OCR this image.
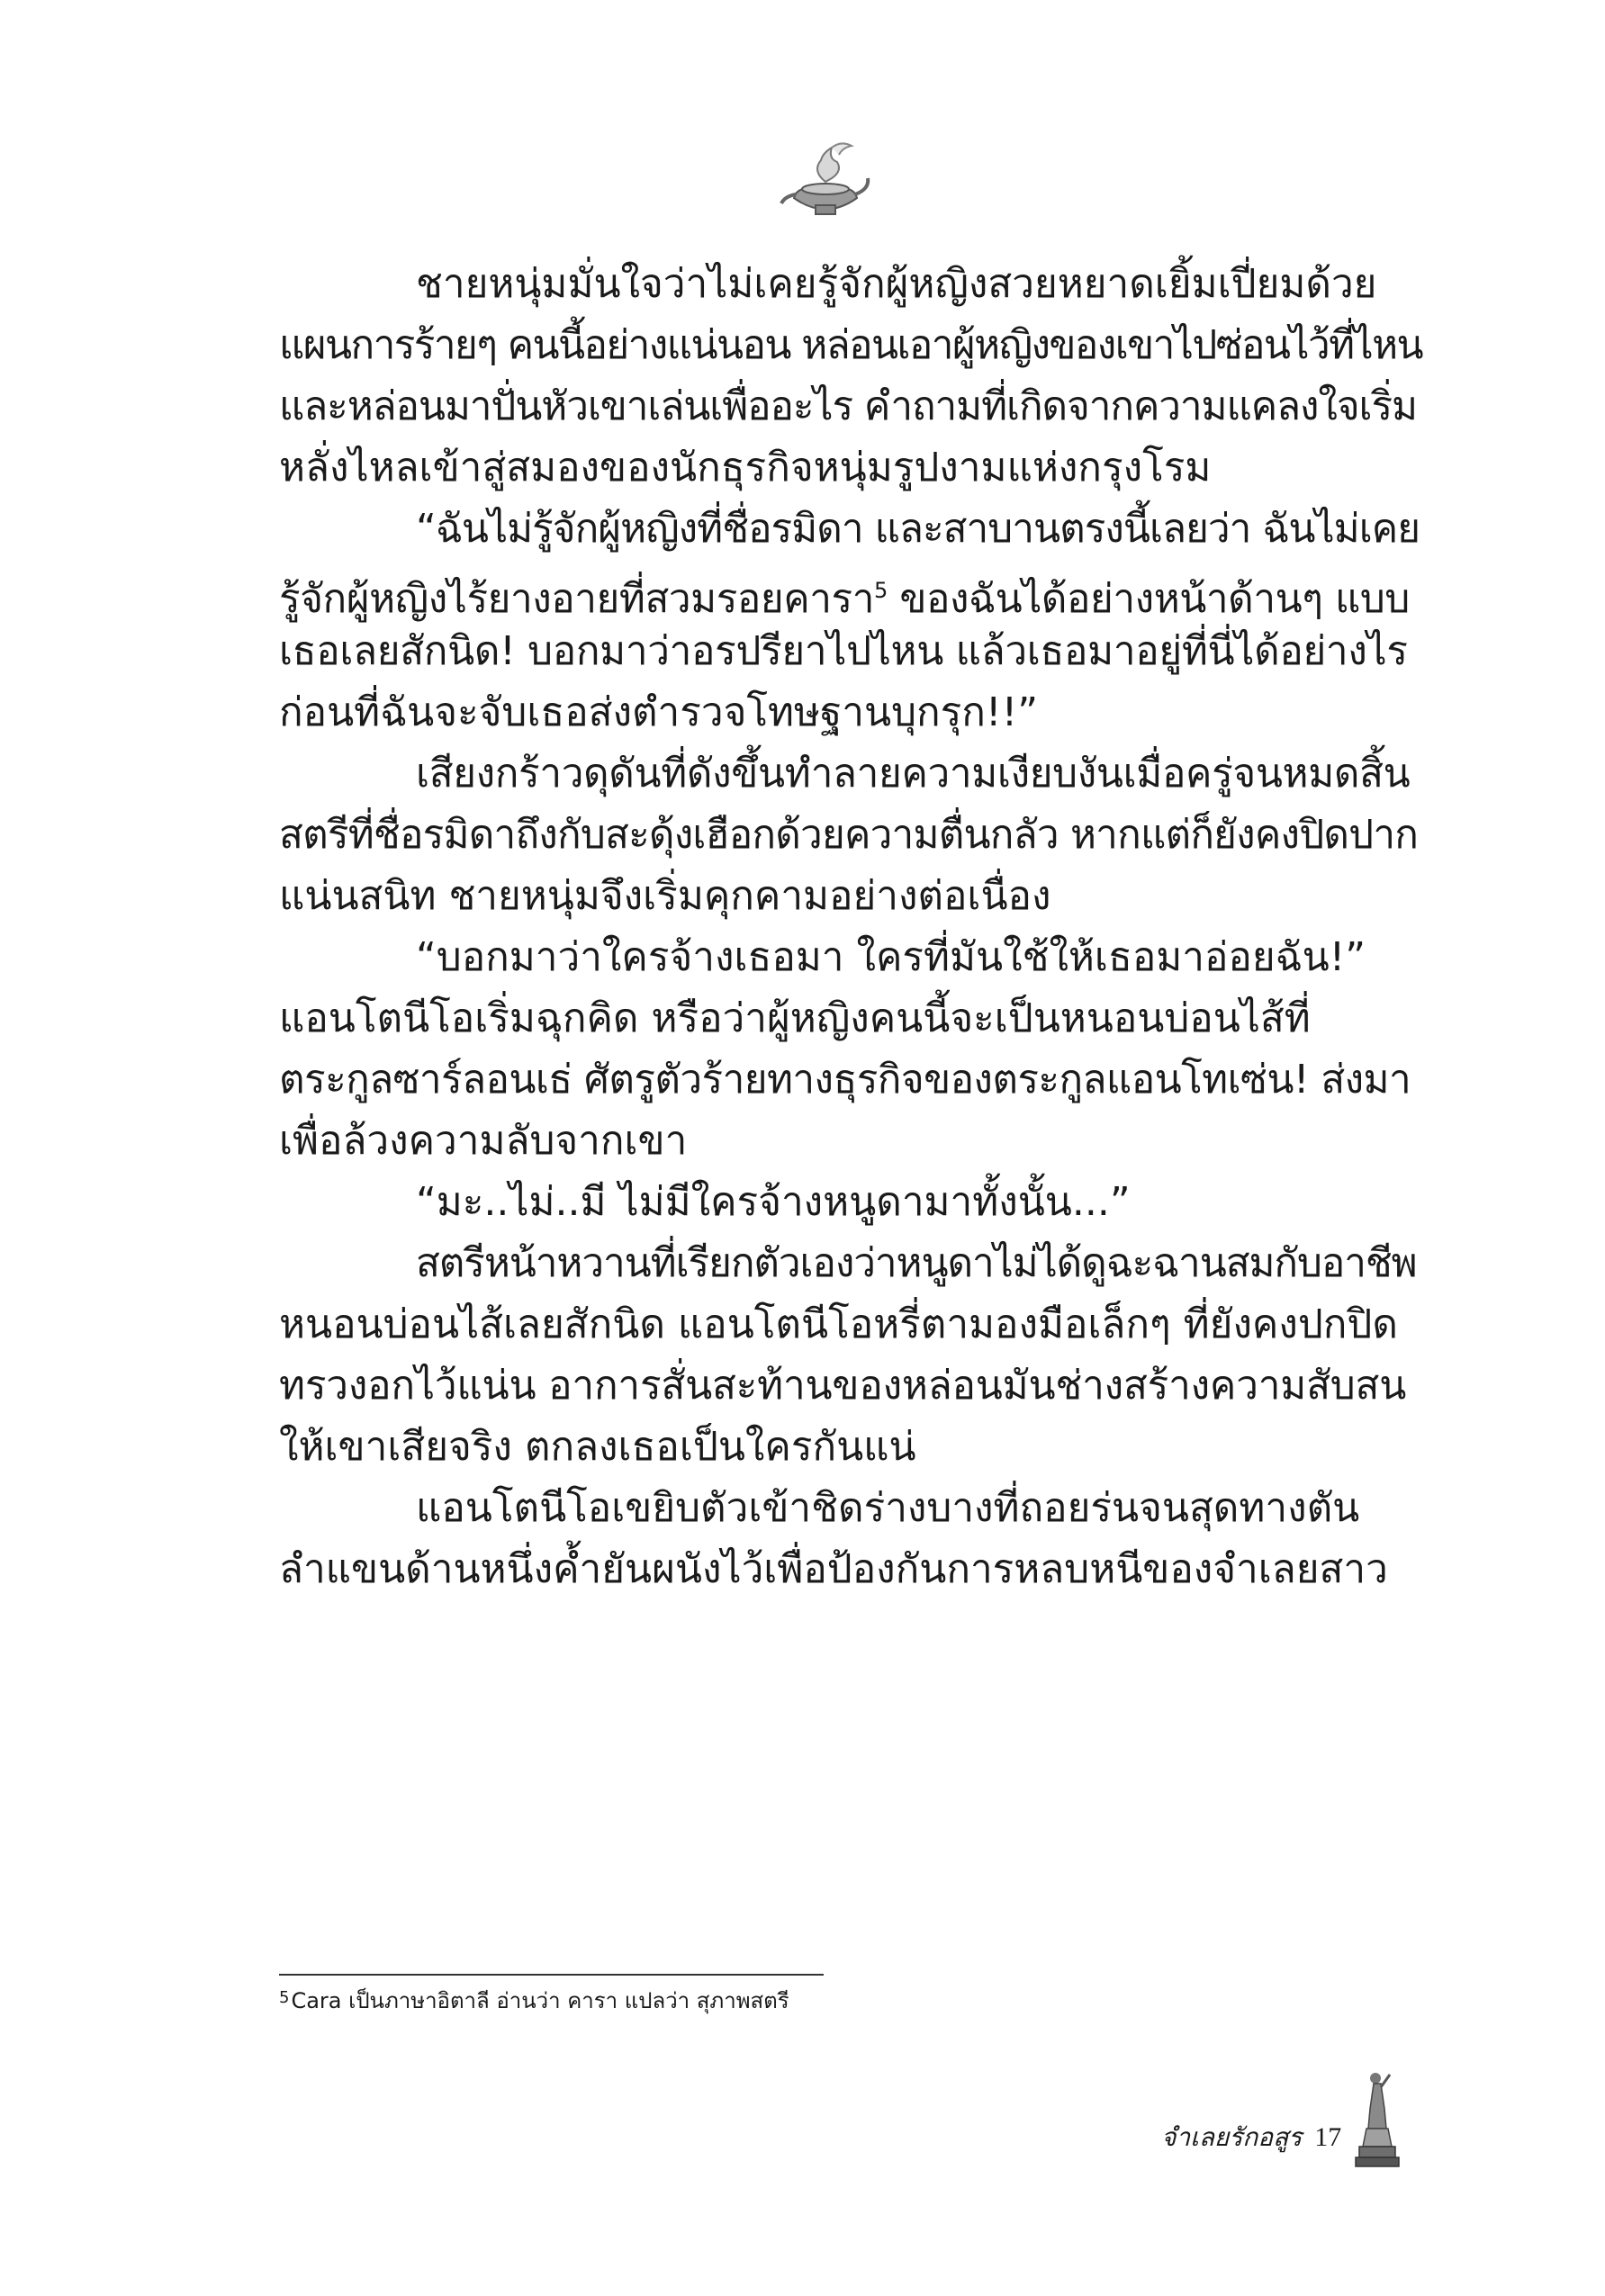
ชายหนุ่มมั่นใจว่าไม่เคยรู้จักผู้หญิงสวยหยาดเยิ้มเปี่ยมด้วย
แผนการร้ายๆ คนนี้อย่างแน่นอน หล่อนเอาผู้หญิงของเขาไปซ่อนไว้ที่ไหน
และหล่อนมาปั่นหัวเขาเล่นเพื่ออะไร คำถามที่เกิดจากความแคลงใจเริ่ม
หลั่งไหลเข้าสู่สมองของนักธุรกิจหนุ่มรูปงามแห่งกรุงโรม
“ฉันไม่รู้จักผู้หญิงที่ชื่อรมิดา และสาบานตรงนี้เลยว่า ฉันไม่เคย
รู้จักผู้หญิงไร้ยางอายที่สวมรอยคารา$^5$ ของฉันได้อย่างหน้าด้านๆ แบบ
เธอเลยสักนิด! บอกมาว่าอรปรียาไปไหน แล้วเธอมาอยู่ที่นี่ได้อย่างไร
ก่อนที่ฉันจะจับเธอส่งตำรวจโทษฐานบุกรุก!!”
เสียงกร้าวดุดันที่ดังขึ้นทำลายความเงียบงันเมื่อครู่จนหมดสิ้น
สตรีที่ชื่อรมิดาถึงกับสะดุ้งเฮือกด้วยความตื่นกลัว หากแต่ก็ยังคงปิดปาก
แน่นสนิท ชายหนุ่มจึงเริ่มคุกคามอย่างต่อเนื่อง
“บอกมาว่าใครจ้างเธอมา ใครที่มันใช้ให้เธอมาอ่อยฉัน!”
แอนโตนีโอเริ่มฉุกคิด หรือว่าผู้หญิงคนนี้จะเป็นหนอนบ่อนไส้ที่
ตระกูลซาร์ลอนเธ่ ศัตรูตัวร้ายทางธุรกิจของตระกูลแอนโทเซ่น! ส่งมา
เพื่อล้วงความลับจากเขา
“มะ..ไม่..มี ไม่มีใครจ้างหนูดามาทั้งนั้น...”
สตรีหน้าหวานที่เรียกตัวเองว่าหนูดาไม่ได้ดูฉะฉานสมกับอาชีพ
หนอนบ่อนไส้เลยสักนิด แอนโตนีโอหรี่ตามองมือเล็กๆ ที่ยังคงปกปิด
ทรวงอกไว้แน่น อาการสั่นสะท้านของหล่อนมันช่างสร้างความสับสน
ให้เขาเสียจริง ตกลงเธอเป็นใครกันแน่
แอนโตนีโอเขยิบตัวเข้าชิดร่างบางที่ถอยร่นจนสุดทางตัน
ลำแขนด้านหนึ่งค้ำยันผนังไว้เพื่อป้องกันการหลบหนีของจำเลยสาว
$^5$Cara เป็นภาษาอิตาลี อ่านว่า คารา แปลว่า สุภาพสตรี
จำเลยรักอสูร 17
